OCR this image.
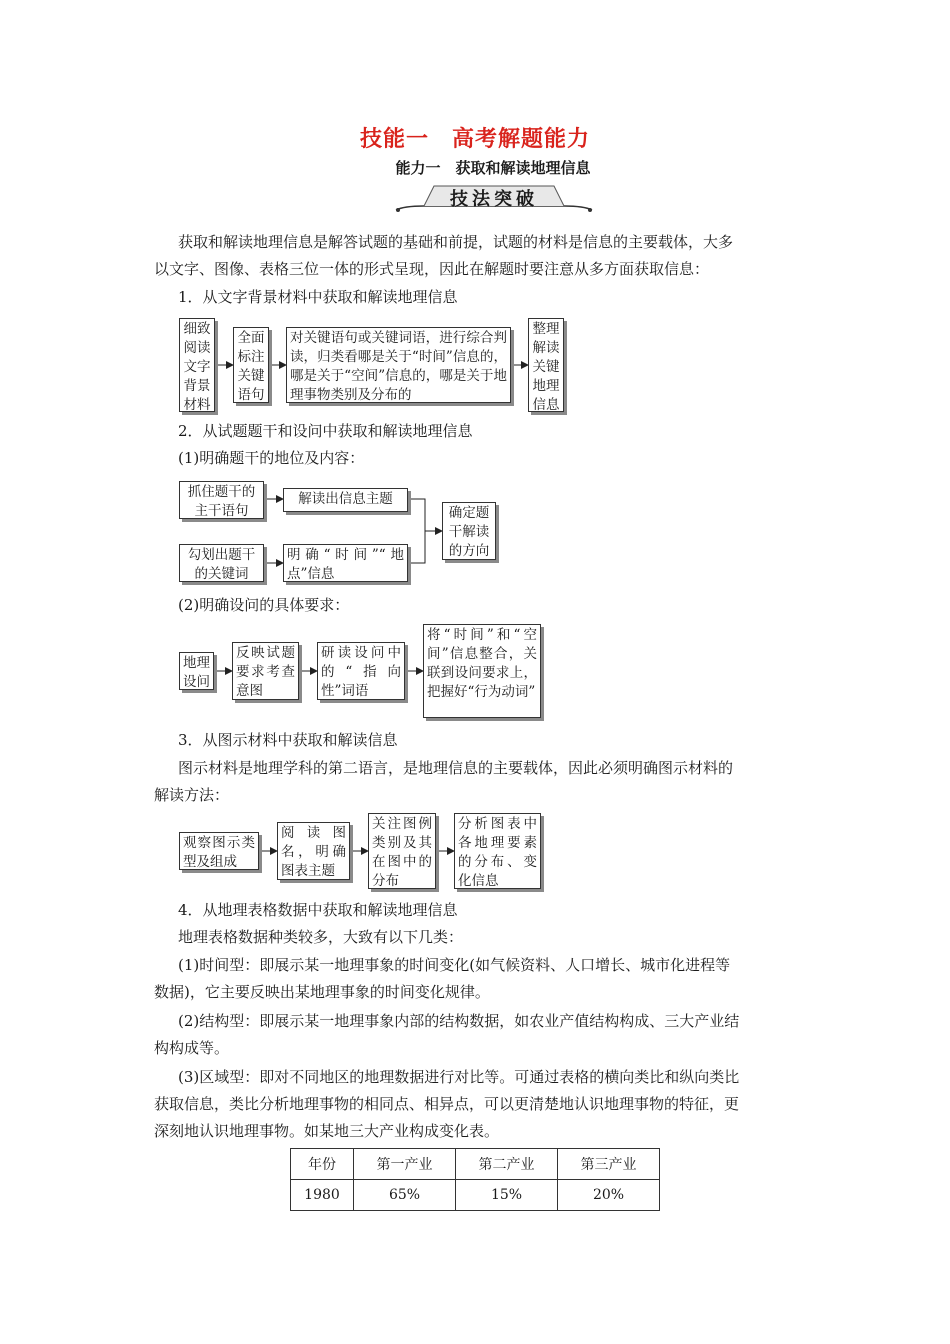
技能一　高考解题能力
能力一　获取和解读地理信息
技法突破
获取和解读地理信息是解答试题的基础和前提，试题的材料是信息的主要载体，大多
以文字、图像、表格三位一体的形式呈现，因此在解题时要注意从多方面获取信息：
1．从文字背景材料中获取和解读地理信息
细致阅读文字背景材料
全面标注关键语句
对关键语句或关键词语，进行综合判读，归类看哪是关于“时间”信息的，哪是关于“空间”信息的，哪是关于地理事物类别及分布的
整理解读关键地理信息
2．从试题题干和设问中获取和解读地理信息
(1)明确题干的地位及内容：
抓住题干的主干语句
解读出信息主题
勾划出题干的关键词
明确“时间”“地点”信息
确定题干解读的方向
(2)明确设问的具体要求：
地理设问
反映试题要求考查意图
研读设问中的“指向性”词语
将“时间”和“空间”信息整合，关联到设问要求上，把握好“行为动词”
3．从图示材料中获取和解读信息
图示材料是地理学科的第二语言，是地理信息的主要载体，因此必须明确图示材料的
解读方法：
观察图示类型及组成
阅读图名，明确图表主题
关注图例类别及其在图中的分布
分析图表中各地理要素的分布、变化信息
4．从地理表格数据中获取和解读地理信息
地理表格数据种类较多，大致有以下几类：
(1)时间型：即展示某一地理事象的时间变化(如气候资料、人口增长、城市化进程等
数据)，它主要反映出某地理事象的时间变化规律。
(2)结构型：即展示某一地理事象内部的结构数据，如农业产值结构构成、三大产业结
构构成等。
(3)区域型：即对不同地区的地理数据进行对比等。可通过表格的横向类比和纵向类比
获取信息，类比分析地理事物的相同点、相异点，可以更清楚地认识地理事物的特征，更
深刻地认识地理事物。如某地三大产业构成变化表。
年份	第一产业	第二产业	第三产业
1980	65%	15%	20%
